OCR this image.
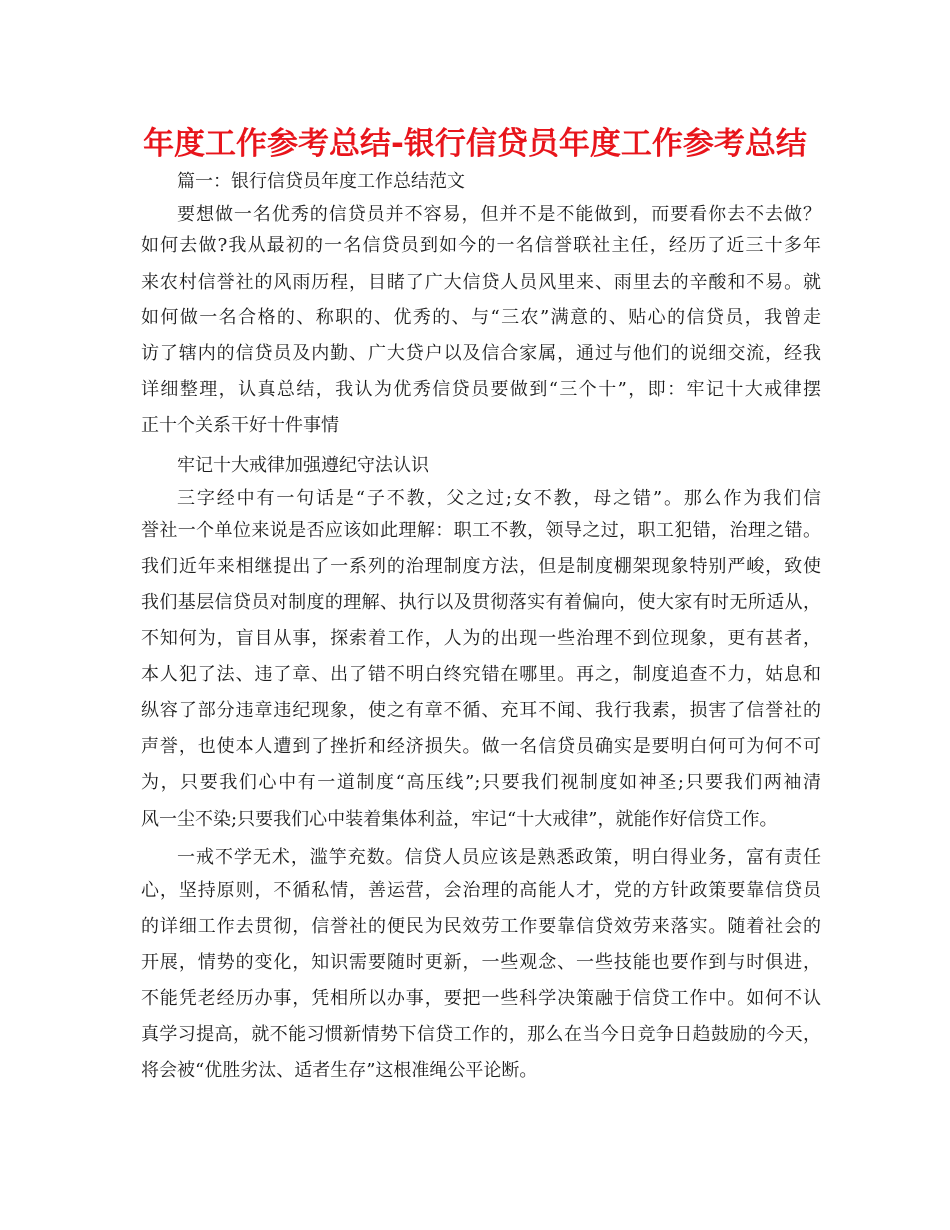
年度工作参考总结-银行信贷员年度工作参考总结

篇一：银行信贷员年度工作总结范文

要想做一名优秀的信贷员并不容易，但并不是不能做到，而要看你去不去做？

如何去做?我从最初的一名信贷员到如今的一名信誉联社主任，经历了近三十多年

来农村信誉社的风雨历程，目睹了广大信贷人员风里来、雨里去的辛酸和不易。就

如何做一名合格的、称职的、优秀的、与“三农”满意的、贴心的信贷员，我曾走

访了辖内的信贷员及内勤、广大贷户以及信合家属，通过与他们的说细交流，经我

详细整理，认真总结，我认为优秀信贷员要做到“三个十”，即：牢记十大戒律摆

正十个关系干好十件事情

牢记十大戒律加强遵纪守法认识

三字经中有一句话是“子不教，父之过;女不教，母之错”。那么作为我们信

誉社一个单位来说是否应该如此理解：职工不教，领导之过，职工犯错，治理之错。

我们近年来相继提出了一系列的治理制度方法，但是制度棚架现象特别严峻，致使

我们基层信贷员对制度的理解、执行以及贯彻落实有着偏向，使大家有时无所适从，

不知何为，盲目从事，探索着工作，人为的出现一些治理不到位现象，更有甚者，

本人犯了法、违了章、出了错不明白终究错在哪里。再之，制度追查不力，姑息和

纵容了部分违章违纪现象，使之有章不循、充耳不闻、我行我素，损害了信誉社的

声誉，也使本人遭到了挫折和经济损失。做一名信贷员确实是要明白何可为何不可

为，只要我们心中有一道制度“高压线”;只要我们视制度如神圣;只要我们两袖清

风一尘不染;只要我们心中装着集体利益，牢记“十大戒律”，就能作好信贷工作。

一戒不学无术，滥竽充数。信贷人员应该是熟悉政策，明白得业务，富有责任

心，坚持原则，不循私情，善运营，会治理的高能人才，党的方针政策要靠信贷员

的详细工作去贯彻，信誉社的便民为民效劳工作要靠信贷效劳来落实。随着社会的

开展，情势的变化，知识需要随时更新，一些观念、一些技能也要作到与时俱进，

不能凭老经历办事，凭相所以办事，要把一些科学决策融于信贷工作中。如何不认

真学习提高，就不能习惯新情势下信贷工作的，那么在当今日竞争日趋鼓励的今天，

将会被“优胜劣汰、适者生存”这根准绳公平论断。
